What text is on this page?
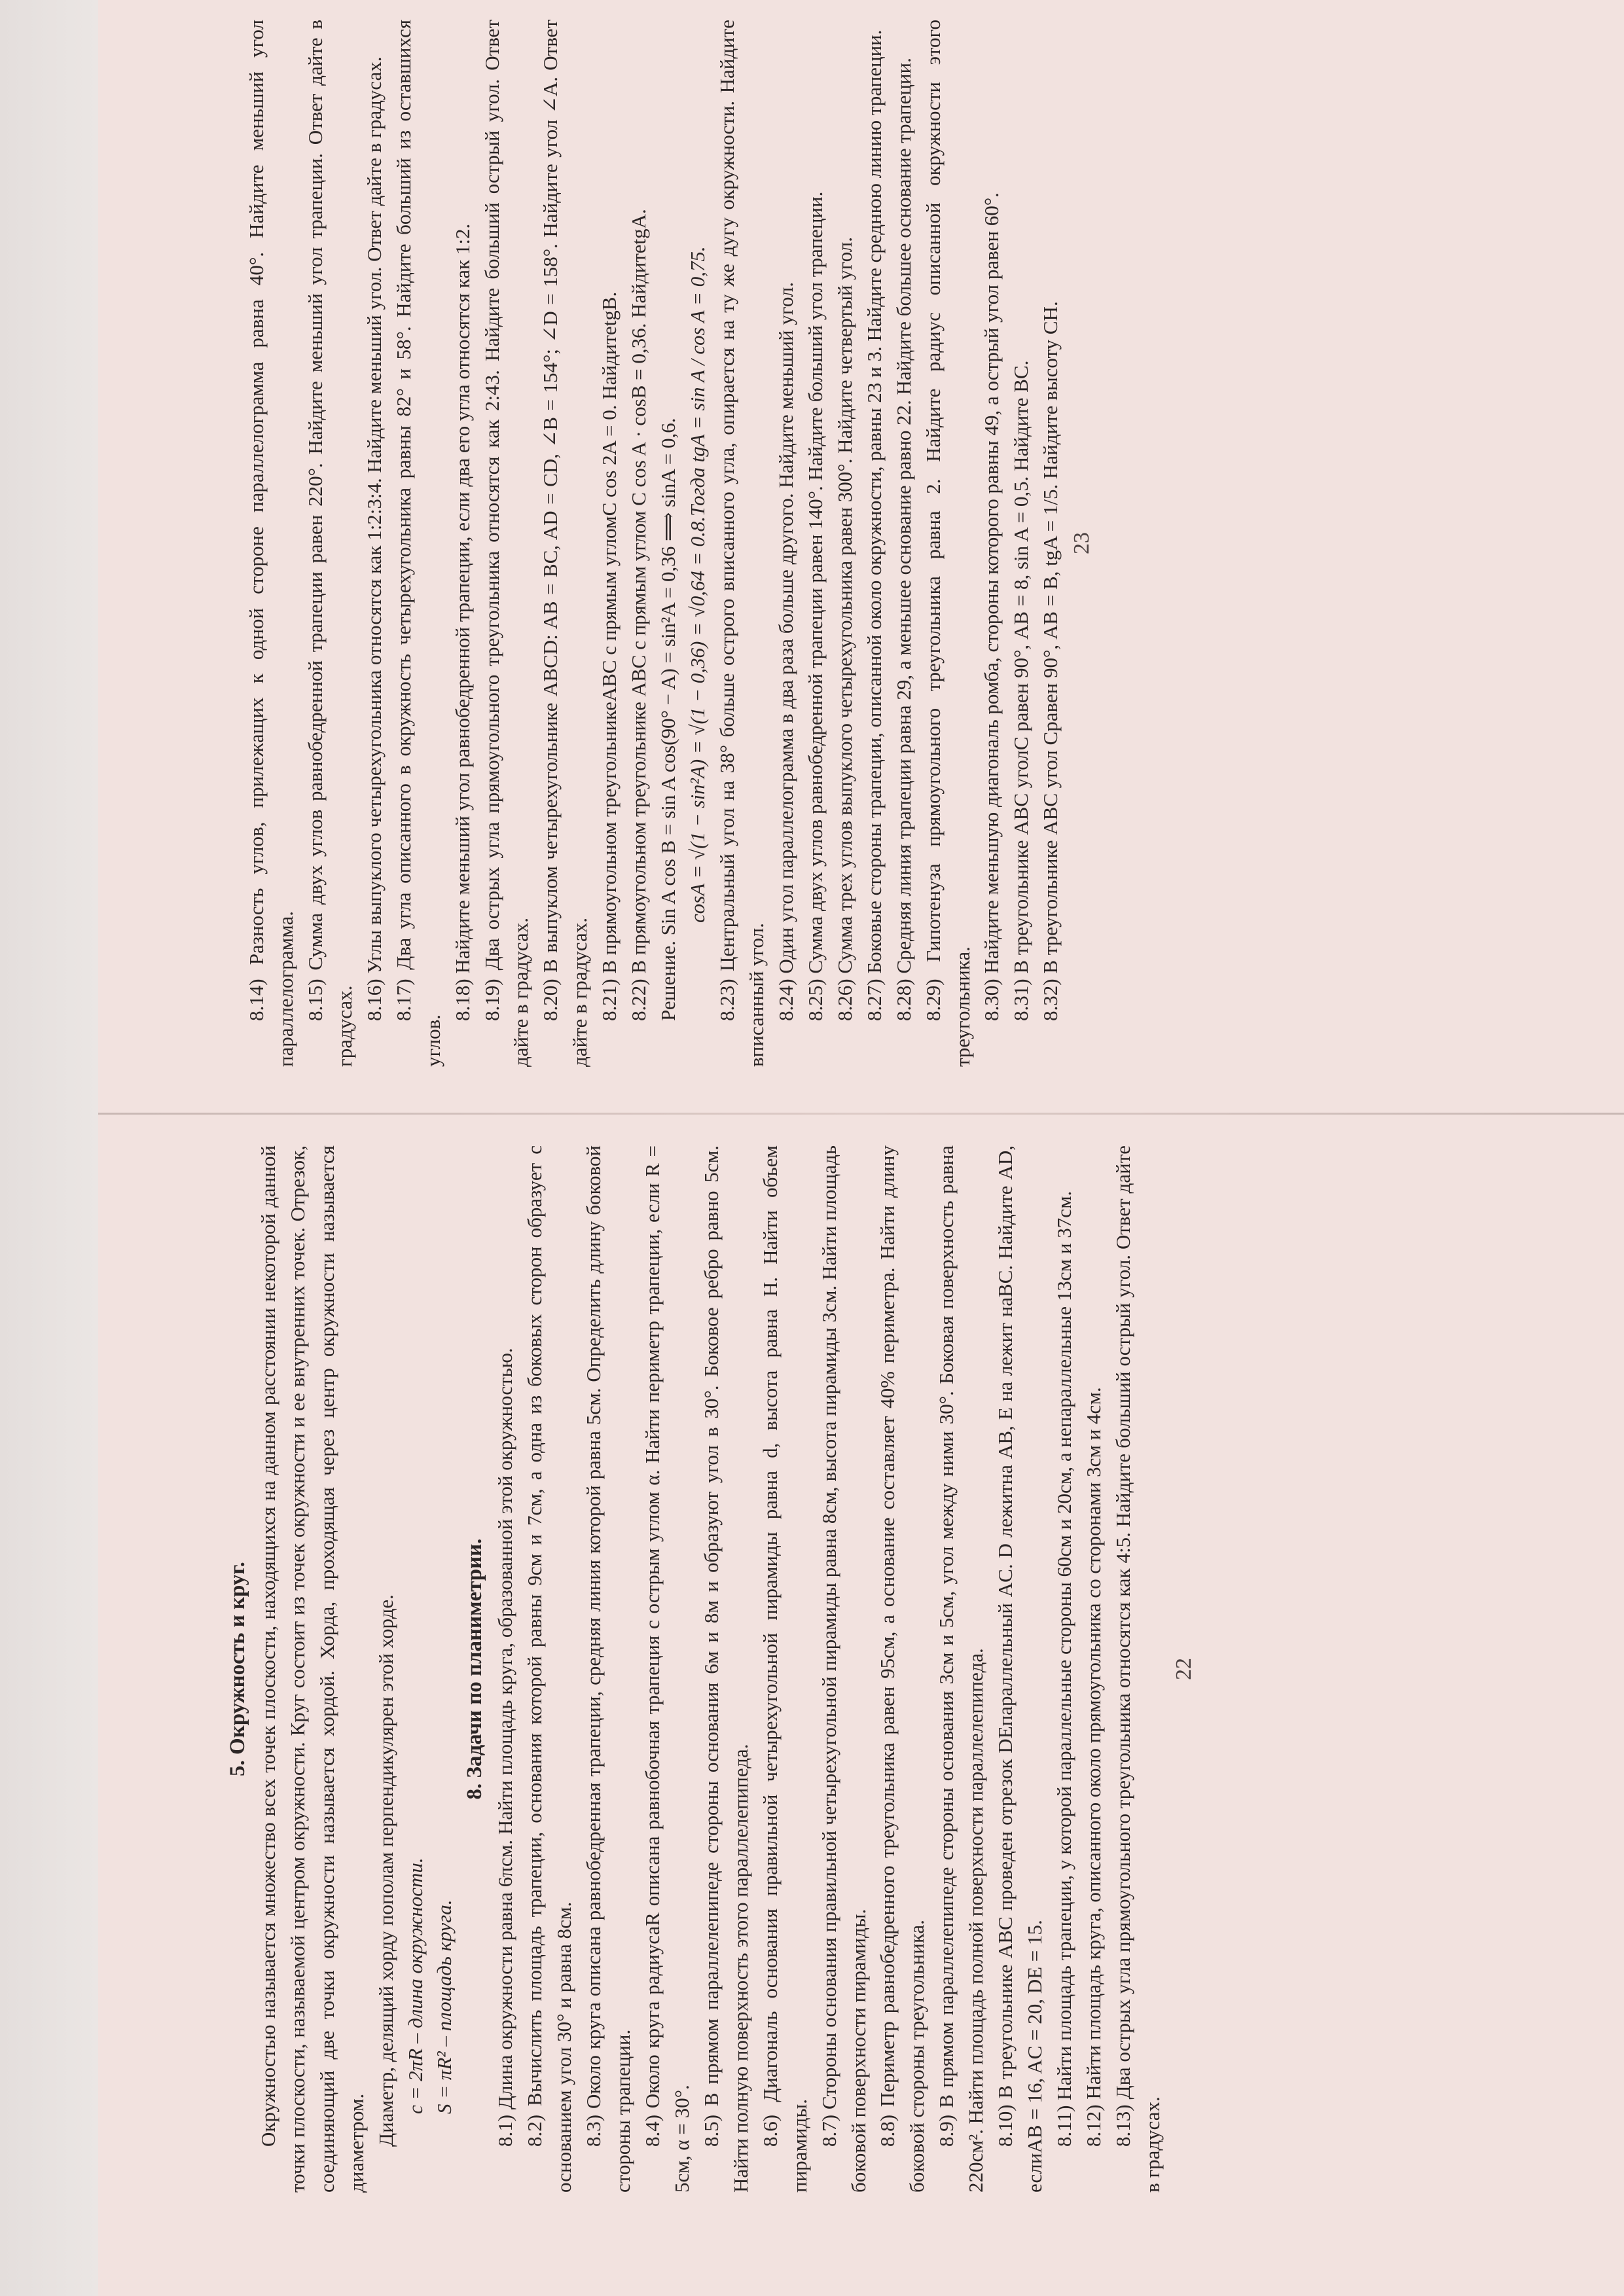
8.14) Разность углов, прилежащих к одной стороне параллелограмма равна 40°. Найдите меньший угол параллелограмма. 8.15) Сумма двух углов равнобедренной трапеции равен 220°. Найдите меньший угол трапеции. Ответ дайте в градусах.

8.16) Углы выпуклого четырехугольника относятся как 1:2:3:4. Найдите меньший угол. Ответ дайте в градусах. 8.17) Два угла описанного в окружность четырехугольника равны 82° и 58°. Найдите больший из оставшихся углов.

8.18) Найдите меньший угол равнобедренной трапеции, если два его угла относятся как 1:2. 8.19) Два острых угла прямоугольного треугольника относятся как 2:43. Найдите больший острый угол. Ответ дайте в градусах. 8.20) В выпуклом четырехугольнике ABCD: AB = BC, AD = CD, ∠B = 154°; ∠D = 158°. Найдите угол ∠A. Ответ дайте в градусах. 8.21) В прямоугольном треугольникеABC с прямым угломC cos 2A = 0. НайдитеtgB. 8.22) В прямоугольном треугольнике ABC с прямым углом C cos A · cosB = 0,36. НайдитеtgA. Решение. Sin A cos B = sin A cos(90° − A) = sin²A = 0,36 ⟹ sinA = 0,6. cosA = √(1 − sin²A) = √(1 − 0,36) = √0,64 = 0.8.Тогда tgA = sin A / cos A = 0,75. 8.23) Центральный угол на 38° больше острого вписанного угла, опирается на ту же дугу окружности. Найдите вписанный угол. 8.24) Один угол параллелограмма в два раза больше другого. Найдите меньший угол. 8.25) Сумма двух углов равнобедренной трапеции равен 140°. Найдите больший угол трапеции. 8.26) Сумма трех углов выпуклого четырехугольника равен 300°. Найдите четвертый угол. 8.27) Боковые стороны трапеции, описанной около окружности, равны 23 и 3. Найдите среднюю линию трапеции. 8.28) Средняя линия трапеции равна 29, а меньшее основание равно 22. Найдите большее основание трапеции. 8.29) Гипотенуза прямоугольного треугольника равна 2. Найдите радиус описанной окружности этого треугольника. 8.30) Найдите меньшую диагональ ромба, стороны которого равны 49, а острый угол равен 60°. 8.31) В треугольнике ABC уголC равен 90°, AB = 8, sin A = 0,5. Найдите BC. 8.32) В треугольнике ABC угол Cравен 90°, AB = B, tgA = 1/5. Найдите высоту CH. 23

5. Окружность и круг. Окружностью называется множество всех точек плоскости, находящихся на данном расстоянии некоторой данной точки плоскости, называемой центром окружности. Круг состоит из точек окружности и ее внутренних точек. Отрезок, соединяющий две точки окружности называется хордой. Хорда, проходящая через центр окружности называется диаметром. Диаметр, делящий хорду пополам перпендикулярен этой хорде. c = 2πR – длина окружности. S = πR² – площадь круга.

8. Задачи по планиметрии. 8.1) Длина окружности равна 6πсм. Найти площадь круга, образованной этой окружностью. 8.2) Вычислить площадь трапеции, основания которой равны 9см и 7см, а одна из боковых сторон образует с основанием угол 30° и равна 8см. 8.3) Около круга описана равнобедренная трапеции, средняя линия которой равна 5см. Определить длину боковой стороны трапеции. 8.4) Около круга радиусаR описана равнобочная трапеция с острым углом α. Найти периметр трапеции, если R = 5см, α = 30°. 8.5) В прямом параллелепипеде стороны основания 6м и 8м и образуют угол в 30°. Боковое ребро равно 5см. Найти полную поверхность этого параллелепипеда. 8.6) Диагональ основания правильной четырехугольной пирамиды равна d, высота равна H. Найти объем пирамиды. 8.7) Стороны основания правильной четырехугольной пирамиды равна 8см, высота пирамиды 3см. Найти площадь боковой поверхности пирамиды. 8.8) Периметр равнобедренного треугольника равен 95см, а основание составляет 40% периметра. Найти длину боковой стороны треугольника. 8.9) В прямом параллелепипеде стороны основания 3см и 5см, угол между ними 30°. Боковая поверхность равна 220см². Найти площадь полной поверхности параллелепипеда. 8.10) В треугольнике ABC проведен отрезок DEпараллельный AC. D лежитна AB, E на лежит наBC. Найдите AD, еслиAB = 16, AC = 20, DE = 15. 8.11) Найти площадь трапеции, у которой параллельные стороны 60см и 20см, а непараллельные 13см и 37см. 8.12) Найти площадь круга, описанного около прямоугольника со сторонами 3см и 4см. 8.13) Два острых угла прямоугольного треугольника относятся как 4:5. Найдите больший острый угол. Ответ дайте в градусах.

22
